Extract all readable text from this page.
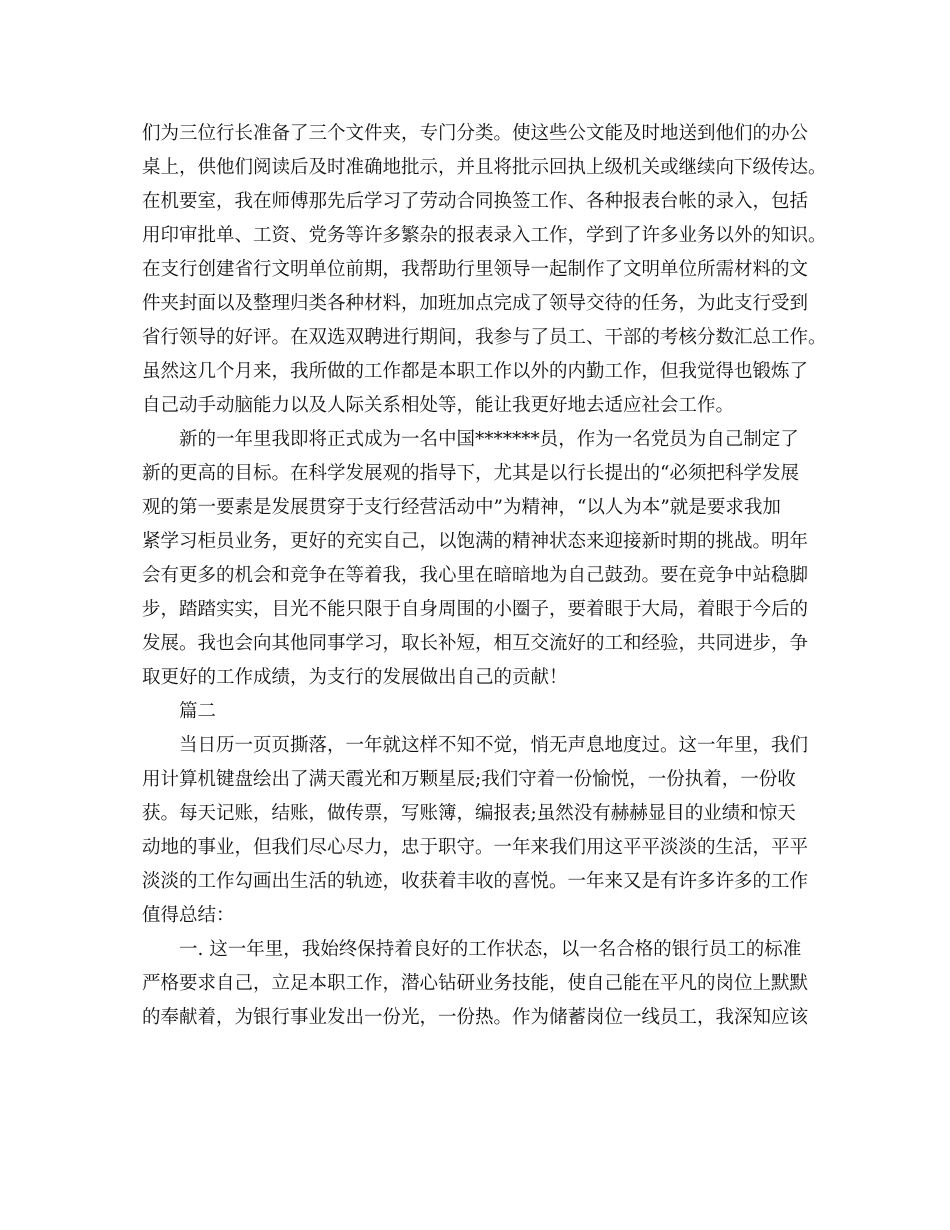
们为三位行长准备了三个文件夹，专门分类。使这些公文能及时地送到他们的办公
桌上，供他们阅读后及时准确地批示，并且将批示回执上级机关或继续向下级传达。
在机要室，我在师傅那先后学习了劳动合同换签工作、各种报表台帐的录入，包括
用印审批单、工资、党务等许多繁杂的报表录入工作，学到了许多业务以外的知识。
在支行创建省行文明单位前期，我帮助行里领导一起制作了文明单位所需材料的文
件夹封面以及整理归类各种材料，加班加点完成了领导交待的任务，为此支行受到
省行领导的好评。在双选双聘进行期间，我参与了员工、干部的考核分数汇总工作。
虽然这几个月来，我所做的工作都是本职工作以外的内勤工作，但我觉得也锻炼了
自己动手动脑能力以及人际关系相处等，能让我更好地去适应社会工作。
新的一年里我即将正式成为一名中国*******员，作为一名党员为自己制定了
新的更高的目标。在科学发展观的指导下，尤其是以行长提出的“必须把科学发展
观的第一要素是发展贯穿于支行经营活动中”为精神，“以人为本”就是要求我加
紧学习柜员业务，更好的充实自己，以饱满的精神状态来迎接新时期的挑战。明年
会有更多的机会和竞争在等着我，我心里在暗暗地为自己鼓劲。要在竞争中站稳脚
步，踏踏实实，目光不能只限于自身周围的小圈子，要着眼于大局，着眼于今后的
发展。我也会向其他同事学习，取长补短，相互交流好的工和经验，共同进步，争
取更好的工作成绩，为支行的发展做出自己的贡献！
篇二
当日历一页页撕落，一年就这样不知不觉，悄无声息地度过。这一年里，我们
用计算机键盘绘出了满天霞光和万颗星辰;我们守着一份愉悦，一份执着，一份收
获。每天记账，结账，做传票，写账簿，编报表;虽然没有赫赫显目的业绩和惊天
动地的事业，但我们尽心尽力，忠于职守。一年来我们用这平平淡淡的生活，平平
淡淡的工作勾画出生活的轨迹，收获着丰收的喜悦。一年来又是有许多许多的工作
值得总结：
一. 这一年里，我始终保持着良好的工作状态，以一名合格的银行员工的标准
严格要求自己，立足本职工作，潜心钻研业务技能，使自己能在平凡的岗位上默默
的奉献着，为银行事业发出一份光，一份热。作为储蓄岗位一线员工，我深知应该
